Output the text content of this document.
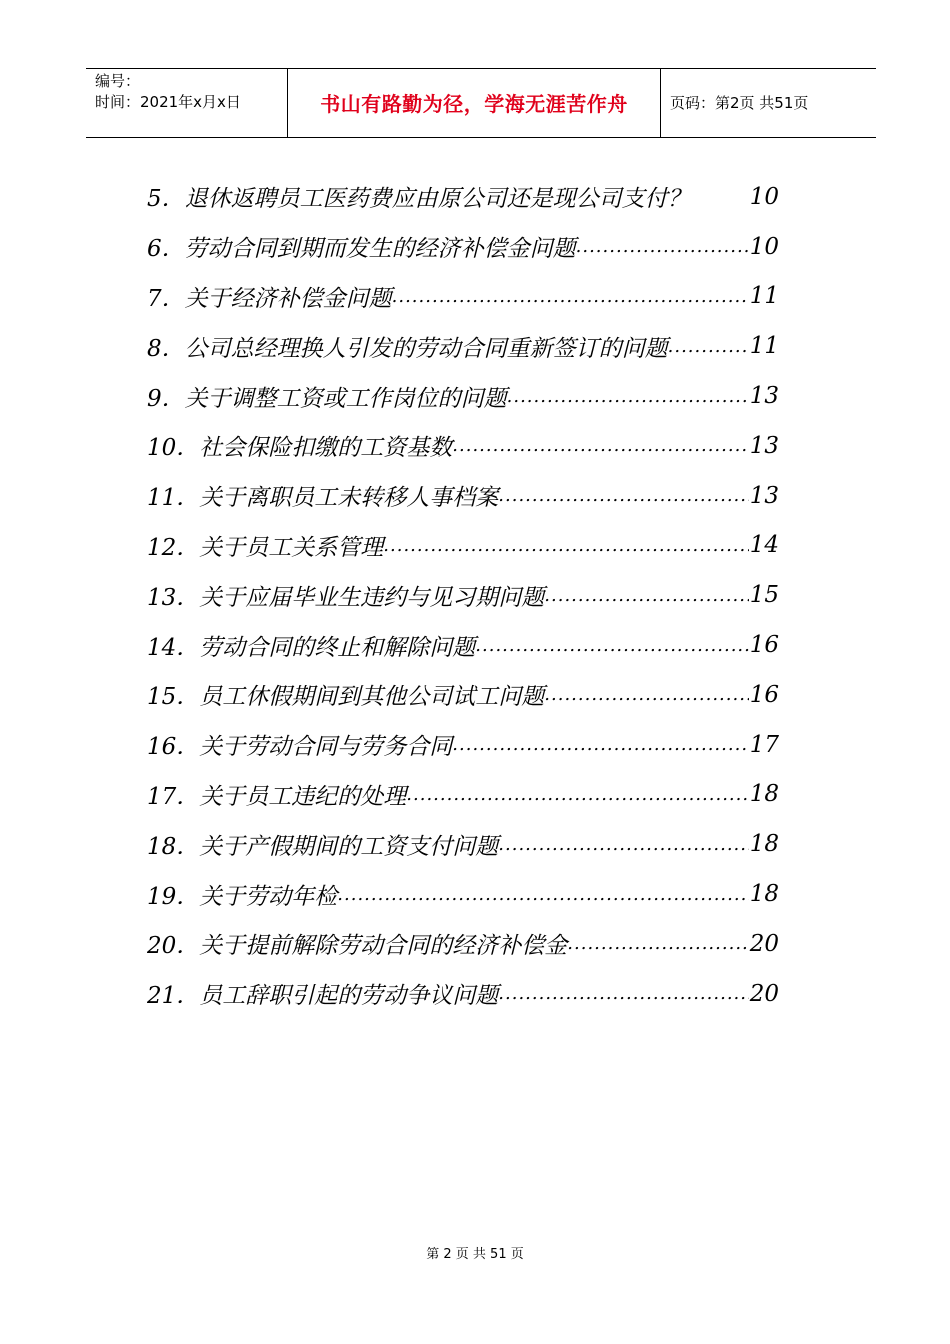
编号：
时间：2021年x月x日	书山有路勤为径，学海无涯苦作舟	页码：第2页 共51页
5． 退休返聘员工医药费应由原公司还是现公司支付？	10
6． 劳动合同到期而发生的经济补偿金问题 .....	10
7． 关于经济补偿金问题 .....	11
8． 公司总经理换人引发的劳动合同重新签订的问题 .....	11
9． 关于调整工资或工作岗位的问题 .....	13
10． 社会保险扣缴的工资基数 .....	13
11． 关于离职员工未转移人事档案 .....	13
12． 关于员工关系管理 .....	14
13． 关于应届毕业生违约与见习期问题 .....	15
14． 劳动合同的终止和解除问题 .....	16
15． 员工休假期间到其他公司试工问题 .....	16
16． 关于劳动合同与劳务合同 .....	17
17． 关于员工违纪的处理 .....	18
18． 关于产假期间的工资支付问题 .....	18
19． 关于劳动年检 .....	18
20． 关于提前解除劳动合同的经济补偿金 .....	20
21． 员工辞职引起的劳动争议问题 .....	20
第 2 页 共 51 页
